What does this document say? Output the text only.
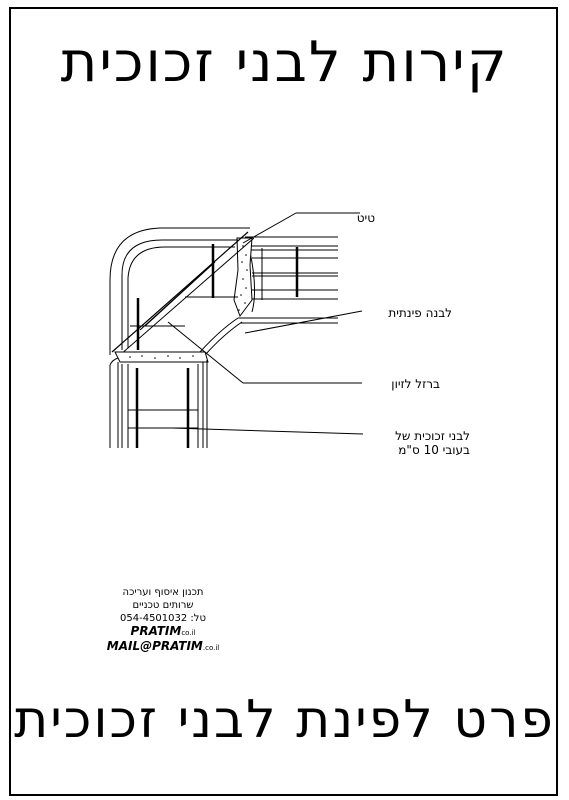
קירות לבני זכוכית
טיט
לבנה פינתית
ברזל לזיון
לבני זכוכית של
בעובי 10 ס"מ
תכנון איסוף ועריכה
שרותים טכניים
טל: 054-4501032
PRATIMco.il
MAIL@PRATIM.co.il
פרט לפינת לבני זכוכית
